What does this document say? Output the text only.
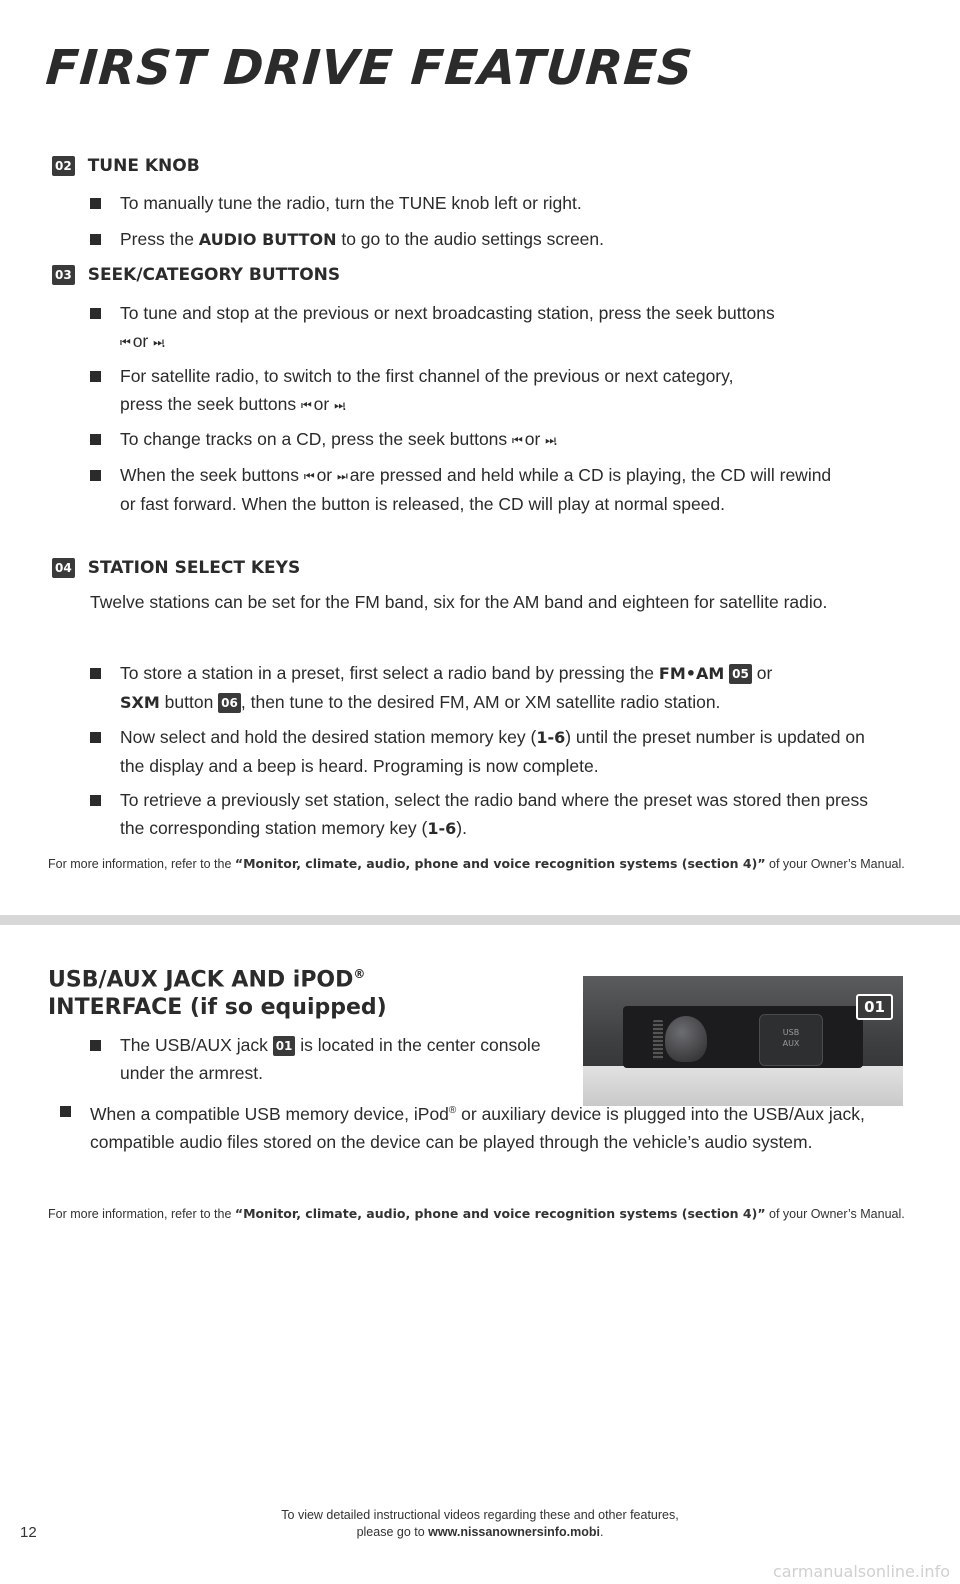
FIRST DRIVE FEATURES
02 TUNE KNOB
To manually tune the radio, turn the TUNE knob left or right.
Press the AUDIO BUTTON to go to the audio settings screen.
03 SEEK/CATEGORY BUTTONS
To tune and stop at the previous or next broadcasting station, press the seek buttons
⏮ or ⏭.
For satellite radio, to switch to the first channel of the previous or next category, press the seek buttons ⏮ or ⏭.
To change tracks on a CD, press the seek buttons ⏮ or ⏭.
When the seek buttons ⏮ or ⏭ are pressed and held while a CD is playing, the CD will rewind or fast forward. When the button is released, the CD will play at normal speed.
04 STATION SELECT KEYS
Twelve stations can be set for the FM band, six for the AM band and eighteen for satellite radio.
To store a station in a preset, first select a radio band by pressing the FM•AM 05 or
SXM button 06 , then tune to the desired FM, AM or XM satellite radio station.
Now select and hold the desired station memory key (1-6) until the preset number is updated on the display and a beep is heard. Programing is now complete.
To retrieve a previously set station, select the radio band where the preset was stored then press the corresponding station memory key (1-6).
For more information, refer to the “Monitor, climate, audio, phone and voice recognition systems (section 4)” of your Owner’s Manual.
USB/AUX JACK AND iPOD®
INTERFACE (if so equipped)
USB
AUX
01
The USB/AUX jack 01 is located in the center console under the armrest.
When a compatible USB memory device, iPod® or auxiliary device is plugged into the USB/Aux jack, compatible audio files stored on the device can be played through the vehicle’s audio system.
For more information, refer to the “Monitor, climate, audio, phone and voice recognition systems (section 4)” of your Owner’s Manual.
To view detailed instructional videos regarding these and other features,
please go to www.nissanownersinfo.mobi.
12
carmanualsonline.info
